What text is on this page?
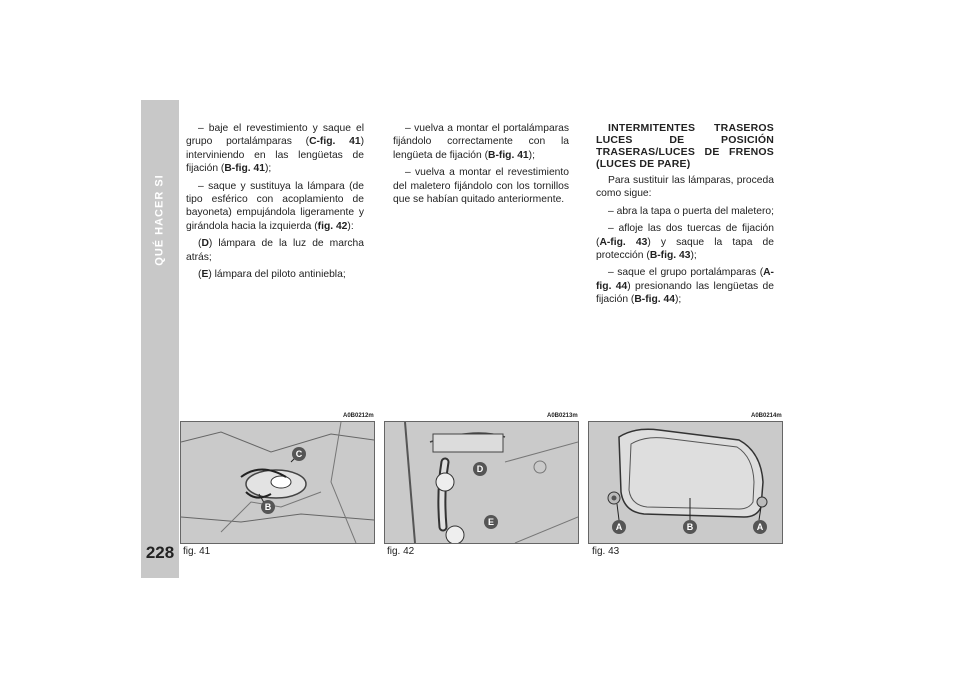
QUÉ HACER SI
228

– baje el revestimiento y saque el grupo portalámparas (C-fig. 41) interviniendo en las lengüetas de fijación (B-fig. 41);

– saque y sustituya la lámpara (de tipo esférico con acoplamiento de bayoneta) empujándola ligeramente y girándola hacia la izquierda (fig. 42):

(D) lámpara de la luz de marcha atrás;

(E) lámpara del piloto antiniebla;

– vuelva a montar el portalámparas fijándolo correctamente con la lengüeta de fijación (B-fig. 41);

– vuelva a montar el revestimiento del maletero fijándolo con los tornillos que se habían quitado anteriormente.

INTERMITENTES TRASEROS LUCES DE POSICIÓN TRASERAS/LUCES DE FRENOS (LUCES DE PARE)

Para sustituir las lámparas, proceda como sigue:

– abra la tapa o puerta del maletero;

– afloje las dos tuercas de fijación (A-fig. 43) y saque la tapa de protección (B-fig. 43);

– saque el grupo portalámparas (A-fig. 44) presionando las lengüetas de fijación (B-fig. 44);

A0B0212m	A0B0213m	A0B0214m
C
B
D
E	A	B	A
fig. 41	fig. 42	fig. 43
